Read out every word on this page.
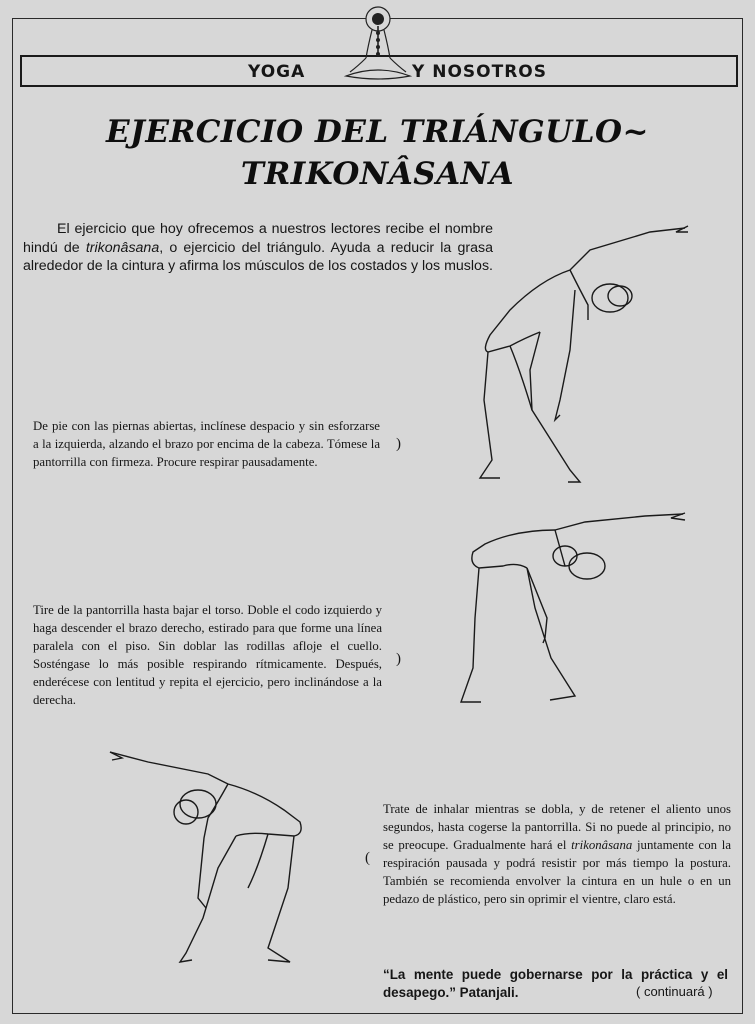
YOGA	Y NOSOTROS
EJERCICIO DEL TRIÁNGULO~
TRIKONÂSANA
El ejercicio que hoy ofrecemos a nuestros lectores recibe el nombre hindú de trikonâsana, o ejercicio del triángulo. Ayuda a reducir la grasa alrededor de la cintura y afirma los músculos de los costados y los muslos.
De pie con las piernas abiertas, inclínese despacio y sin esforzarse a la izquierda, alzando el brazo por encima de la cabeza. Tómese la pantorrilla con firmeza. Procure respirar pausadamente.
)
Tire de la pantorrilla hasta bajar el torso. Doble el codo izquierdo y haga descender el brazo derecho, estirado para que forme una línea paralela con el piso. Sin doblar las rodillas afloje el cuello. Sosténgase lo más posible respirando rítmicamente. Después, enderécese con lentitud y repita el ejercicio, pero inclinándose a la derecha.
)
Trate de inhalar mientras se dobla, y de retener el aliento unos segundos, hasta cogerse la pantorrilla. Si no puede al principio, no se preocupe. Gradualmente hará el trikonâsana juntamente con la respiración pausada y podrá resistir por más tiempo la postura. También se recomienda envolver la cintura en un hule o en un pedazo de plástico, pero sin oprimir el vientre, claro está.
(
“La mente puede gobernarse por la práctica y el desapego.” Patanjali.	( continuará )
